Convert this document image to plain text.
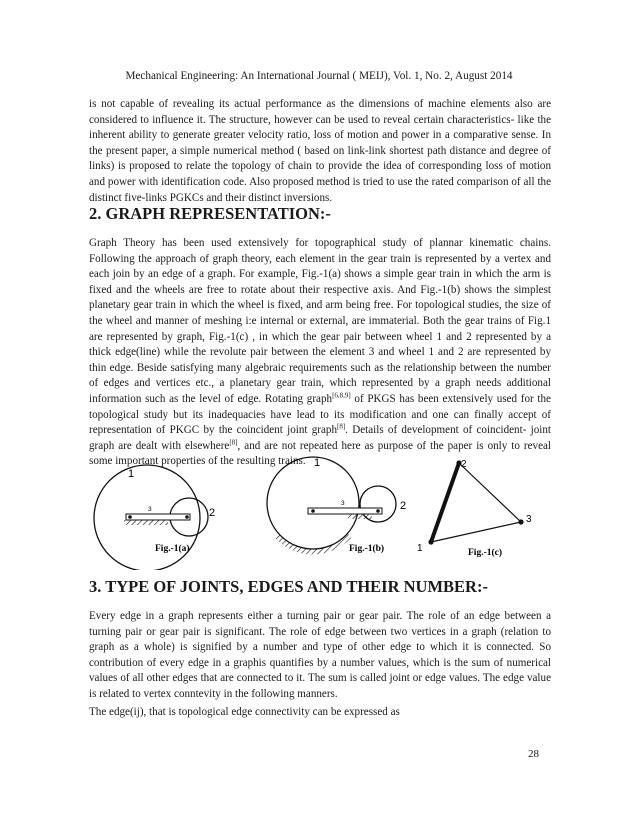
Mechanical Engineering: An International Journal ( MEIJ), Vol. 1, No. 2, August 2014

is not capable of revealing its actual performance as the dimensions of machine elements also are considered to influence it. The structure, however can be used to reveal certain characteristics- like the inherent ability to generate greater velocity ratio, loss of motion and power in a comparative sense. In the present paper, a simple numerical method ( based on link-link shortest path distance and degree of links) is proposed to relate the topology of chain to provide the idea of corresponding loss of motion and power with identification code. Also proposed method is tried to use the rated comparison of all the distinct five-links PGKCs and their distinct inversions.

2. GRAPH REPRESENTATION:-

Graph Theory has been used extensively for topographical study of plannar kinematic chains. Following the approach of graph theory, each element in the gear train is represented by a vertex and each join by an edge of a graph. For example, Fig.-1(a) shows a simple gear train in which the arm is fixed and the wheels are free to rotate about their respective axis. And Fig.-1(b) shows the simplest planetary gear train in which the wheel is fixed, and arm being free. For topological studies, the size of the wheel and manner of meshing i:e internal or external, are immaterial. Both the gear trains of Fig.1 are represented by graph, Fig.-1(c) , in which the gear pair between wheel 1 and 2 represented by a thick edge(line) while the revolute pair between the element 3 and wheel 1 and 2 are represented by thin edge. Beside satisfying many algebraic requirements such as the relationship between the number of edges and vertices etc., a planetary gear train, which represented by a graph needs additional information such as the level of edge. Rotating graph[6,8,9] of PKGS has been extensively used for the topological study but its inadequacies have lead to its modification and one can finally accept of representation of PKGC by the coincident joint graph[8]. Details of development of coincident- joint graph are dealt with elsewhere[8], and are not repeated here as purpose of the paper is only to reveal some important properties of the resulting trains.

1
3	2
Fig.-1(a)
1
3	2
Fig.-1(b)
2
3
1	Fig.-1(c)
3. TYPE OF JOINTS, EDGES AND THEIR NUMBER:-

Every edge in a graph represents either a turning pair or gear pair. The role of an edge between a turning pair or gear pair is significant. The role of edge between two vertices in a graph (relation to graph as a whole) is signified by a number and type of other edge to which it is connected. So contribution of every edge in a graphis quantifies by a number values, which is the sum of numerical values of all other edges that are connected to it. The sum is called joint or edge values. The edge value is related to vertex conntevity in the following manners.

The edge(ij), that is topological edge connectivity can be expressed as

28
